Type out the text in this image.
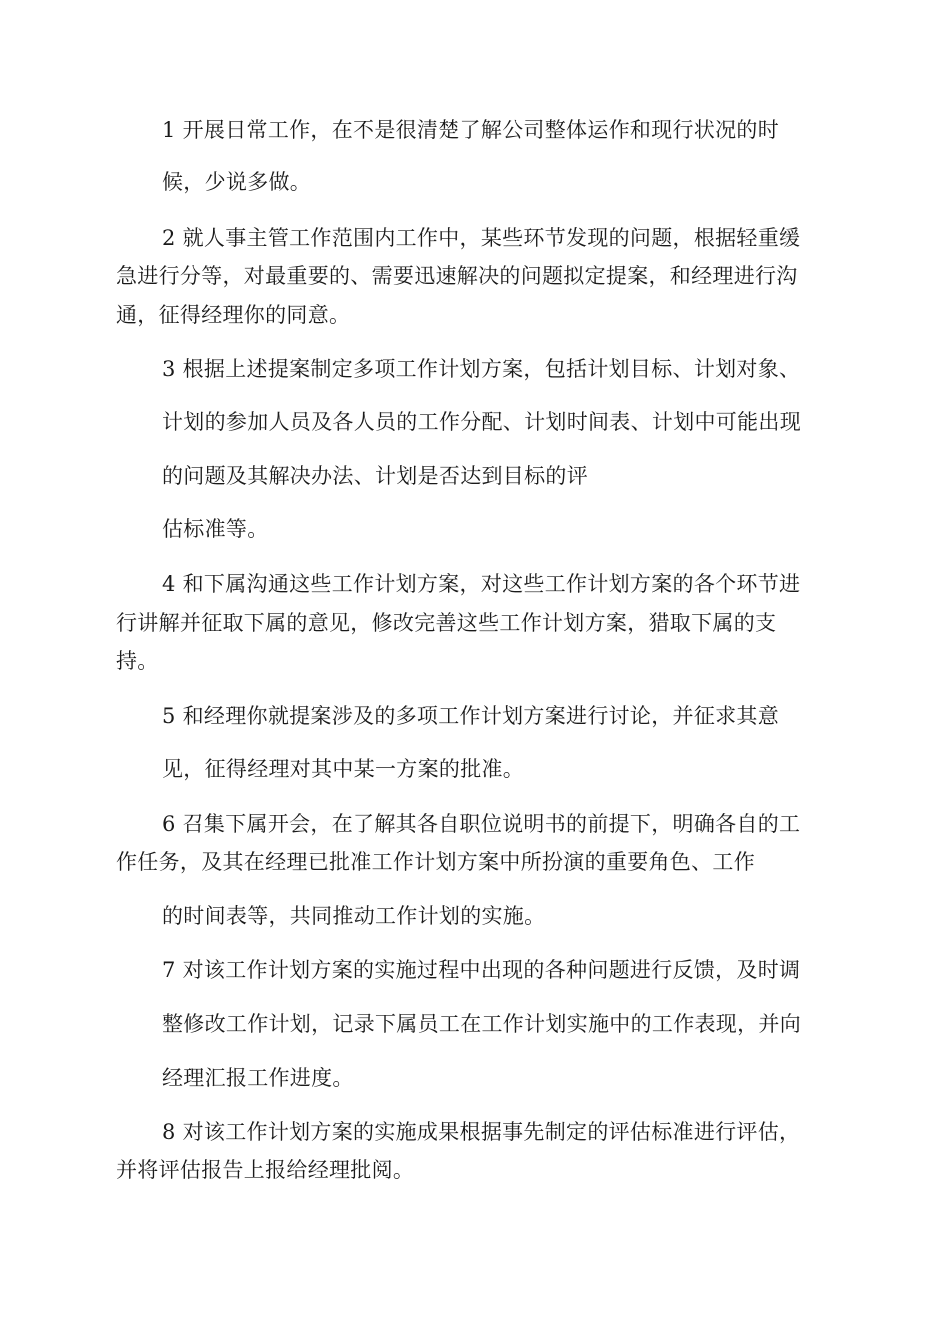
1 开展日常工作，在不是很清楚了解公司整体运作和现行状况的时
候，少说多做。
2 就人事主管工作范围内工作中，某些环节发现的问题，根据轻重缓
急进行分等，对最重要的、需要迅速解决的问题拟定提案，和经理进行沟
通，征得经理你的同意。
3 根据上述提案制定多项工作计划方案，包括计划目标、计划对象、
计划的参加人员及各人员的工作分配、计划时间表、计划中可能出现
的问题及其解决办法、计划是否达到目标的评
估标准等。
4 和下属沟通这些工作计划方案，对这些工作计划方案的各个环节进
行讲解并征取下属的意见，修改完善这些工作计划方案，猎取下属的支
持。
5 和经理你就提案涉及的多项工作计划方案进行讨论，并征求其意
见，征得经理对其中某一方案的批准。
6 召集下属开会，在了解其各自职位说明书的前提下，明确各自的工
作任务，及其在经理已批准工作计划方案中所扮演的重要角色、工作
的时间表等，共同推动工作计划的实施。
7 对该工作计划方案的实施过程中出现的各种问题进行反馈，及时调
整修改工作计划，记录下属员工在工作计划实施中的工作表现，并向
经理汇报工作进度。
8 对该工作计划方案的实施成果根据事先制定的评估标准进行评估，
并将评估报告上报给经理批阅。
